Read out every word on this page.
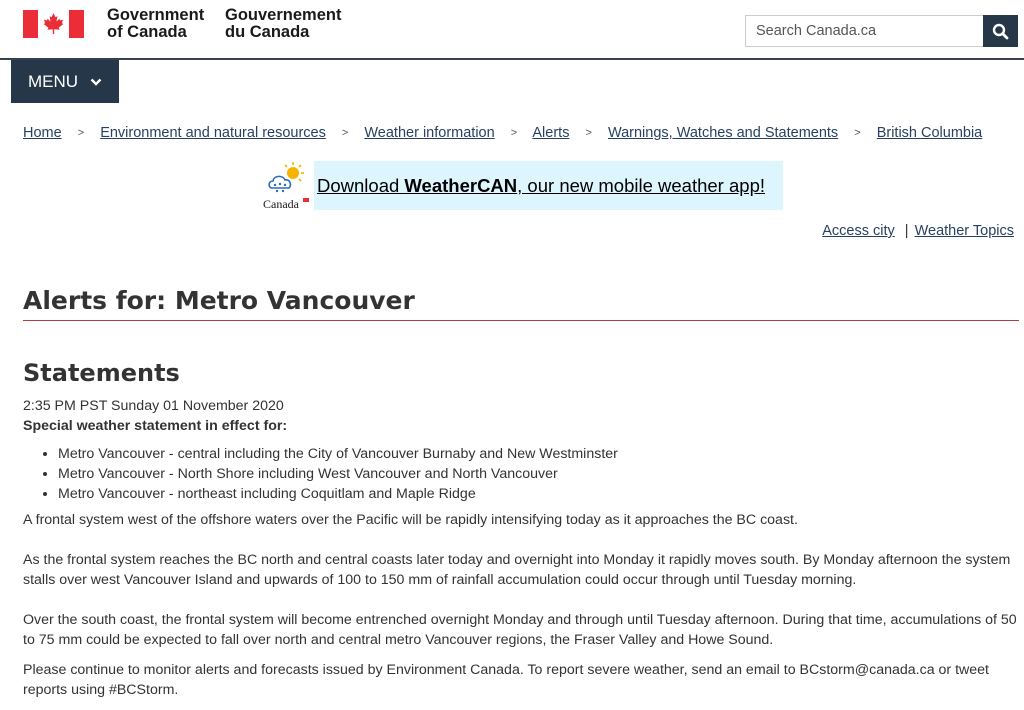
Government
of Canada
Gouvernement
du Canada
Search Canada.ca
MENU
Home > Environment and natural resources > Weather information > Alerts > Warnings, Watches and Statements > British Columbia
Canada
Download WeatherCAN, our new mobile weather app!
Access city | Weather Topics
Alerts for: Metro Vancouver
Statements

2:35 PM PST Sunday 01 November 2020

Special weather statement in effect for:

• Metro Vancouver - central including the City of Vancouver Burnaby and New Westminster
• Metro Vancouver - North Shore including West Vancouver and North Vancouver
• Metro Vancouver - northeast including Coquitlam and Maple Ridge

A frontal system west of the offshore waters over the Pacific will be rapidly intensifying today as it approaches the BC coast.

As the frontal system reaches the BC north and central coasts later today and overnight into Monday it rapidly moves south. By Monday afternoon the system stalls over west Vancouver Island and upwards of 100 to 150 mm of rainfall accumulation could occur through until Tuesday morning.

Over the south coast, the frontal system will become entrenched overnight Monday and through until Tuesday afternoon. During that time, accumulations of 50 to 75 mm could be expected to fall over north and central metro Vancouver regions, the Fraser Valley and Howe Sound.

Please continue to monitor alerts and forecasts issued by Environment Canada. To report severe weather, send an email to BCstorm@canada.ca or tweet reports using #BCStorm.
